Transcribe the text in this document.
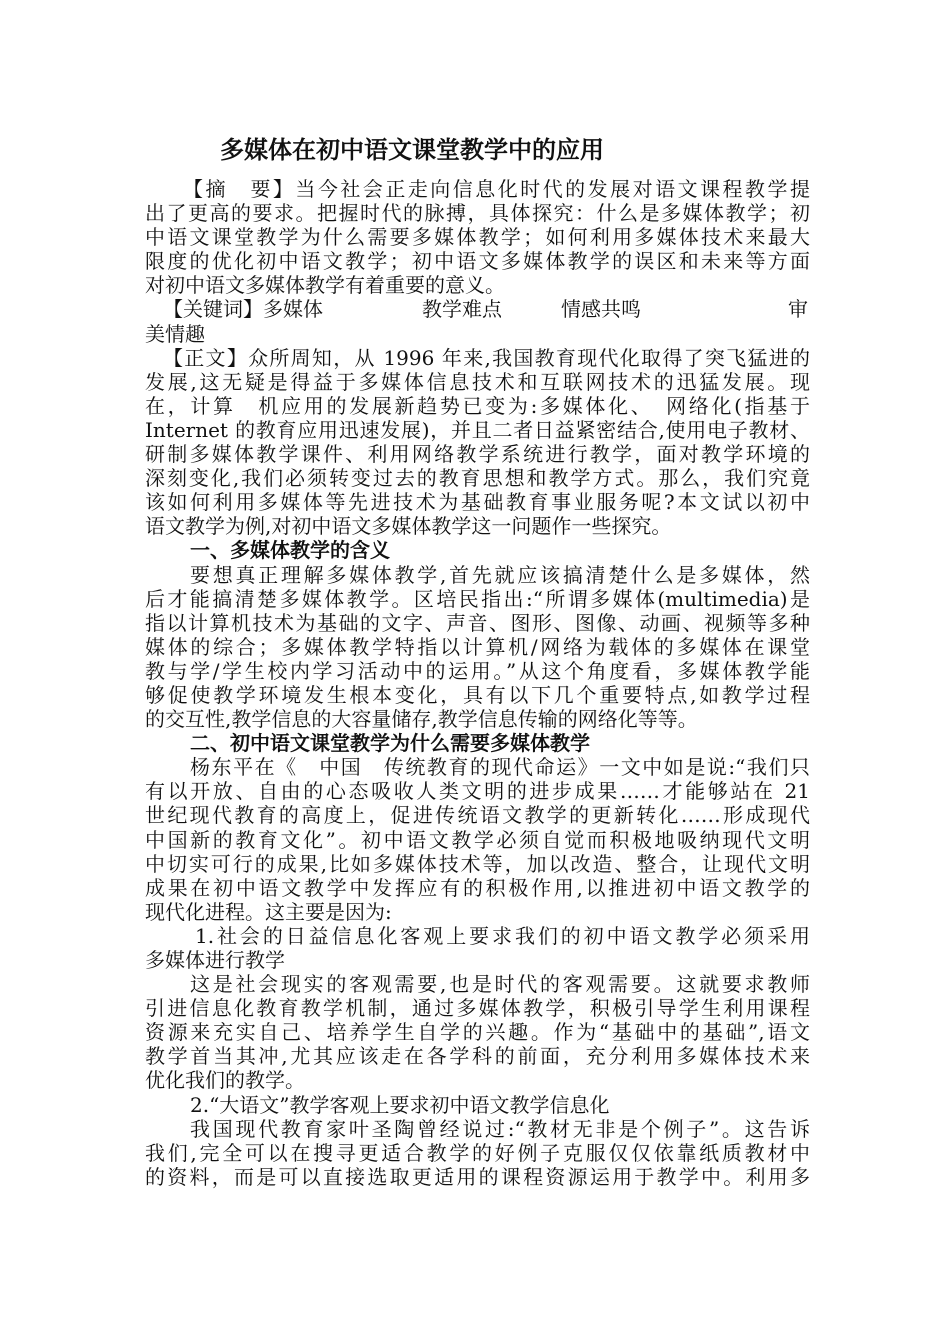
多媒体在初中语文课堂教学中的应用
【摘　要】当今社会正走向信息化时代的发展对语文课程教学提
出了更高的要求。把握时代的脉搏，具体探究：什么是多媒体教学；初
中语文课堂教学为什么需要多媒体教学；如何利用多媒体技术来最大
限度的优化初中语文教学；初中语文多媒体教学的误区和未来等方面
对初中语文多媒体教学有着重要的意义。
【关键词】多媒体	教学难点	情感共鸣	审
美情趣
【正文】众所周知，从 1996 年来,我国教育现代化取得了突飞猛进的
发展,这无疑是得益于多媒体信息技术和互联网技术的迅猛发展。现
在，计算　机应用的发展新趋势已变为:多媒体化、　网络化(指基于
Internet 的教育应用迅速发展)，并且二者日益紧密结合,使用电子教材、
研制多媒体教学课件、利用网络教学系统进行教学，面对教学环境的
深刻变化,我们必须转变过去的教育思想和教学方式。那么，我们究竟
该如何利用多媒体等先进技术为基础教育事业服务呢?本文试以初中
语文教学为例,对初中语文多媒体教学这一问题作一些探究。
一、多媒体教学的含义
要想真正理解多媒体教学,首先就应该搞清楚什么是多媒体，然
后才能搞清楚多媒体教学。区培民指出:“所谓多媒体(multimedia)是
指以计算机技术为基础的文字、声音、图形、图像、动画、视频等多种
媒体的综合；多媒体教学特指以计算机/网络为载体的多媒体在课堂
教与学/学生校内学习活动中的运用。”从这个角度看，多媒体教学能
够促使教学环境发生根本变化，具有以下几个重要特点,如教学过程
的交互性,教学信息的大容量储存,教学信息传输的网络化等等。
二、初中语文课堂教学为什么需要多媒体教学
杨东平在《　中国　传统教育的现代命运》一文中如是说:“我们只
有以开放、自由的心态吸收人类文明的进步成果……才能够站在 21
世纪现代教育的高度上，促进传统语文教学的更新转化……形成现代
中国新的教育文化”。初中语文教学必须自觉而积极地吸纳现代文明
中切实可行的成果,比如多媒体技术等，加以改造、整合，让现代文明
成果在初中语文教学中发挥应有的积极作用,以推进初中语文教学的
现代化进程。这主要是因为:
1.社会的日益信息化客观上要求我们的初中语文教学必须采用
多媒体进行教学
这是社会现实的客观需要,也是时代的客观需要。这就要求教师
引进信息化教育教学机制，通过多媒体教学，积极引导学生利用课程
资源来充实自己、培养学生自学的兴趣。作为“基础中的基础”,语文
教学首当其冲,尤其应该走在各学科的前面，充分利用多媒体技术来
优化我们的教学。
2.“大语文”教学客观上要求初中语文教学信息化
我国现代教育家叶圣陶曾经说过:“教材无非是个例子”。这告诉
我们,完全可以在搜寻更适合教学的好例子克服仅仅依靠纸质教材中
的资料，而是可以直接选取更适用的课程资源运用于教学中。利用多
